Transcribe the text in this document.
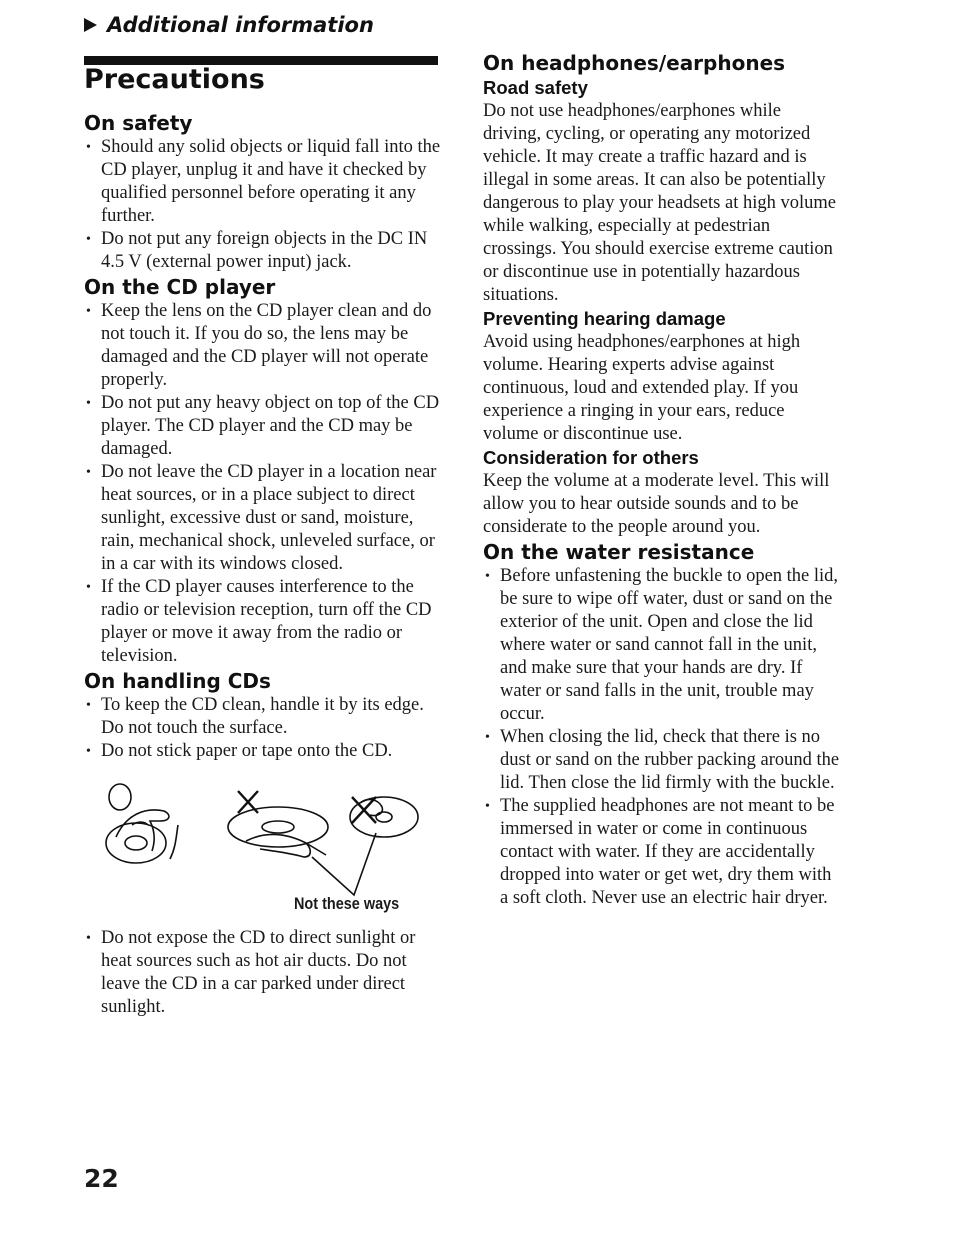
Additional information
Precautions
On safety
• Should any solid objects or liquid fall into the CD player, unplug it and have it checked by qualified personnel before operating it any further.
• Do not put any foreign objects in the DC IN 4.5 V (external power input) jack.
On the CD player
• Keep the lens on the CD player clean and do not touch it. If you do so, the lens may be damaged and the CD player will not operate properly.
• Do not put any heavy object on top of the CD player. The CD player and the CD may be damaged.
• Do not leave the CD player in a location near heat sources, or in a place subject to direct sunlight, excessive dust or sand, moisture, rain, mechanical shock, unleveled surface, or in a car with its windows closed.
• If the CD player causes interference to the radio or television reception, turn off the CD player or move it away from the radio or television.
On handling CDs
• To keep the CD clean, handle it by its edge. Do not touch the surface.
• Do not stick paper or tape onto the CD.
Not these ways
• Do not expose the CD to direct sunlight or heat sources such as hot air ducts. Do not leave the CD in a car parked under direct sunlight.
On headphones/earphones
Road safety

Do not use headphones/earphones while driving, cycling, or operating any motorized vehicle. It may create a traffic hazard and is illegal in some areas. It can also be potentially dangerous to play your headsets at high volume while walking, especially at pedestrian crossings. You should exercise extreme caution or discontinue use in potentially hazardous situations.

Preventing hearing damage

Avoid using headphones/earphones at high volume. Hearing experts advise against continuous, loud and extended play. If you experience a ringing in your ears, reduce volume or discontinue use.

Consideration for others

Keep the volume at a moderate level. This will allow you to hear outside sounds and to be considerate to the people around you.

On the water resistance
• Before unfastening the buckle to open the lid, be sure to wipe off water, dust or sand on the exterior of the unit. Open and close the lid where water or sand cannot fall in the unit, and make sure that your hands are dry. If water or sand falls in the unit, trouble may occur.
• When closing the lid, check that there is no dust or sand on the rubber packing around the lid. Then close the lid firmly with the buckle.
• The supplied headphones are not meant to be immersed in water or come in continuous contact with water. If they are accidentally dropped into water or get wet, dry them with a soft cloth. Never use an electric hair dryer.
22
